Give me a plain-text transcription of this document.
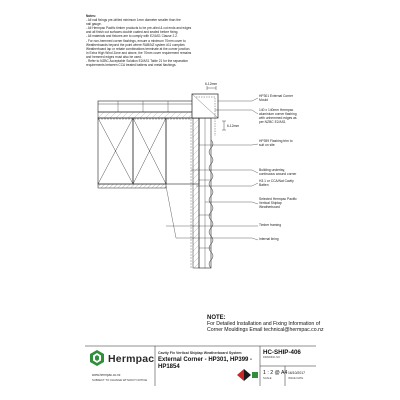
Notes:
- All nail fixings pre-drilled minimum 1mm diameter smaller than the
nail gauge.
- All Hermpac Pacific timber products to be pre-oiled & cut ends and edges
and all finish cut surfaces double coated and sealed before fixing.
- All materials and fixtures are to comply with E2/AS1 Clause 2.2.
- For non-hemmed corner flashings, ensure a minimum 70mm cover to
Weatherboards beyond the point where RAB/NZ system #11 complies
Weatherboard lap or rebate combinations terminate at the corner junction.
In Extra High Wind Zone and above, the 70mm cover requirement remains
and hemmed edges must also be used.
- Refer to NZBC Acceptable Solution E2/AS1 Table 21 for the separation
requirements between CCA treated battens and metal flashings.
6-12mm
6-12mm
HP301 External Corner
Mould
140 x 140mm Hermpac
aluminium corner flashing
with unhemmed edges as
per NZBC E2/AS1
HP399 Flashing trim to
suit on site
Building underlay,
continuous around corner
H3.1 or CCA/Nat Cavity
Batten
Selected Hermpac Pacific
Vertical Shiplap
Weatherboard
Timber framing
Internal lining
NOTE:
For Detailed Installation and Fixing Information of
Corner Mouldings Email technical@hermpac.co.nz
Hermpac
www.hermpac.co.nz
SUBJECT TO CHANGE WITHOUT NOTICE
Cavity Fix Vertical Shiplap Weatherboard System
External Corner - HP301, HP399 - HP1854
HC-SHIP-406
DRAWING NO.
1 : 2 @ A4
SCALE
16/10/2017
ISSUE DATE
